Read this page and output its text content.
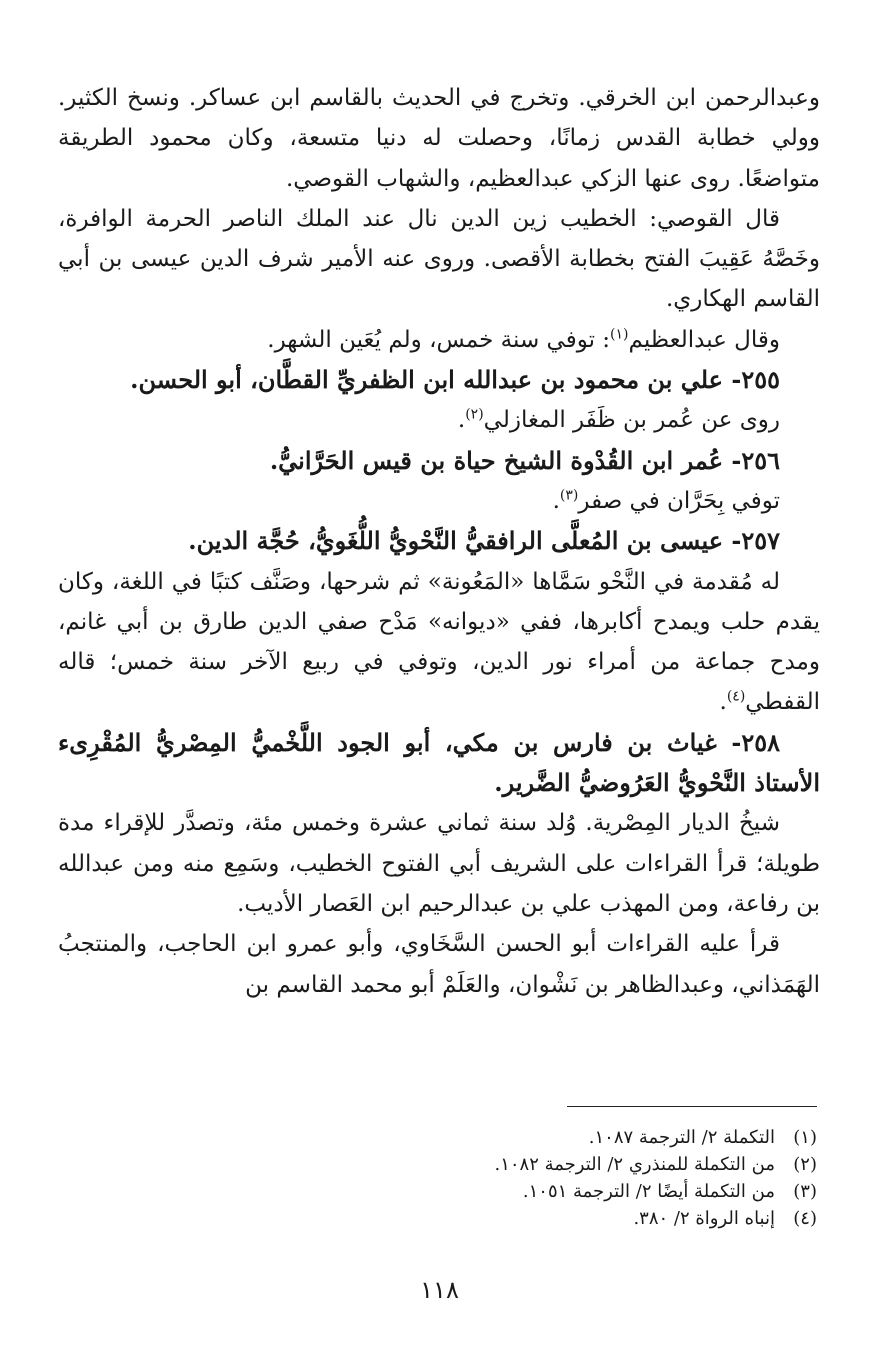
وعبدالرحمن ابن الخرقي. وتخرج في الحديث بالقاسم ابن عساكر. ونسخ الكثير. وولي خطابة القدس زمانًا، وحصلت له دنيا متسعة، وكان محمود الطريقة متواضعًا. روى عنها الزكي عبدالعظيم، والشهاب القوصي.

قال القوصي: الخطيب زين الدين نال عند الملك الناصر الحرمة الوافرة، وخَصَّهُ عَقِيبَ الفتح بخطابة الأقصى. وروى عنه الأمير شرف الدين عيسى بن أبي القاسم الهكاري.

وقال عبدالعظيم$^{(١)}$: توفي سنة خمس، ولم يُعَين الشهر.

٢٥٥- علي بن محمود بن عبدالله ابن الظفريِّ القطَّان، أبو الحسن.

روى عن عُمر بن ظَفَر المغازلي$^{(٢)}$.

٢٥٦- عُمر ابن القُدْوة الشيخ حياة بن قيس الحَرَّانيُّ.

توفي بِحَرَّان في صفر$^{(٣)}$.

٢٥٧- عيسى بن المُعلَّى الرافقيُّ النَّحْويُّ اللُّغَويُّ، حُجَّة الدين.

له مُقدمة في النَّحْو سَمَّاها «المَعُونة» ثم شرحها، وصَنَّف كتبًا في اللغة، وكان يقدم حلب ويمدح أكابرها، ففي «ديوانه» مَدْح صفي الدين طارق بن أبي غانم، ومدح جماعة من أمراء نور الدين، وتوفي في ربيع الآخر سنة خمس؛ قاله القفطي$^{(٤)}$.

٢٥٨- غياث بن فارس بن مكي، أبو الجود اللَّخْميُّ المِصْريُّ المُقْرِىء الأستاذ النَّحْويُّ العَرُوضيُّ الضَّرير.

شيخُ الديار المِصْرية. وُلد سنة ثماني عشرة وخمس مئة، وتصدَّر للإقراء مدة طويلة؛ قرأ القراءات على الشريف أبي الفتوح الخطيب، وسَمِع منه ومن عبدالله بن رفاعة، ومن المهذب علي بن عبدالرحيم ابن العَصار الأديب.

قرأ عليه القراءات أبو الحسن السَّخَاوي، وأبو عمرو ابن الحاجب، والمنتجبُ الهَمَذاني، وعبدالظاهر بن نَشْوان، والعَلَمْ أبو محمد القاسم بن

(١)التكملة ٢/ الترجمة ١٠٨٧.
(٢)من التكملة للمنذري ٢/ الترجمة ١٠٨٢.
(٣)من التكملة أيضًا ٢/ الترجمة ١٠٥١.
(٤)إنباه الرواة ٢/ ٣٨٠.
١١٨
